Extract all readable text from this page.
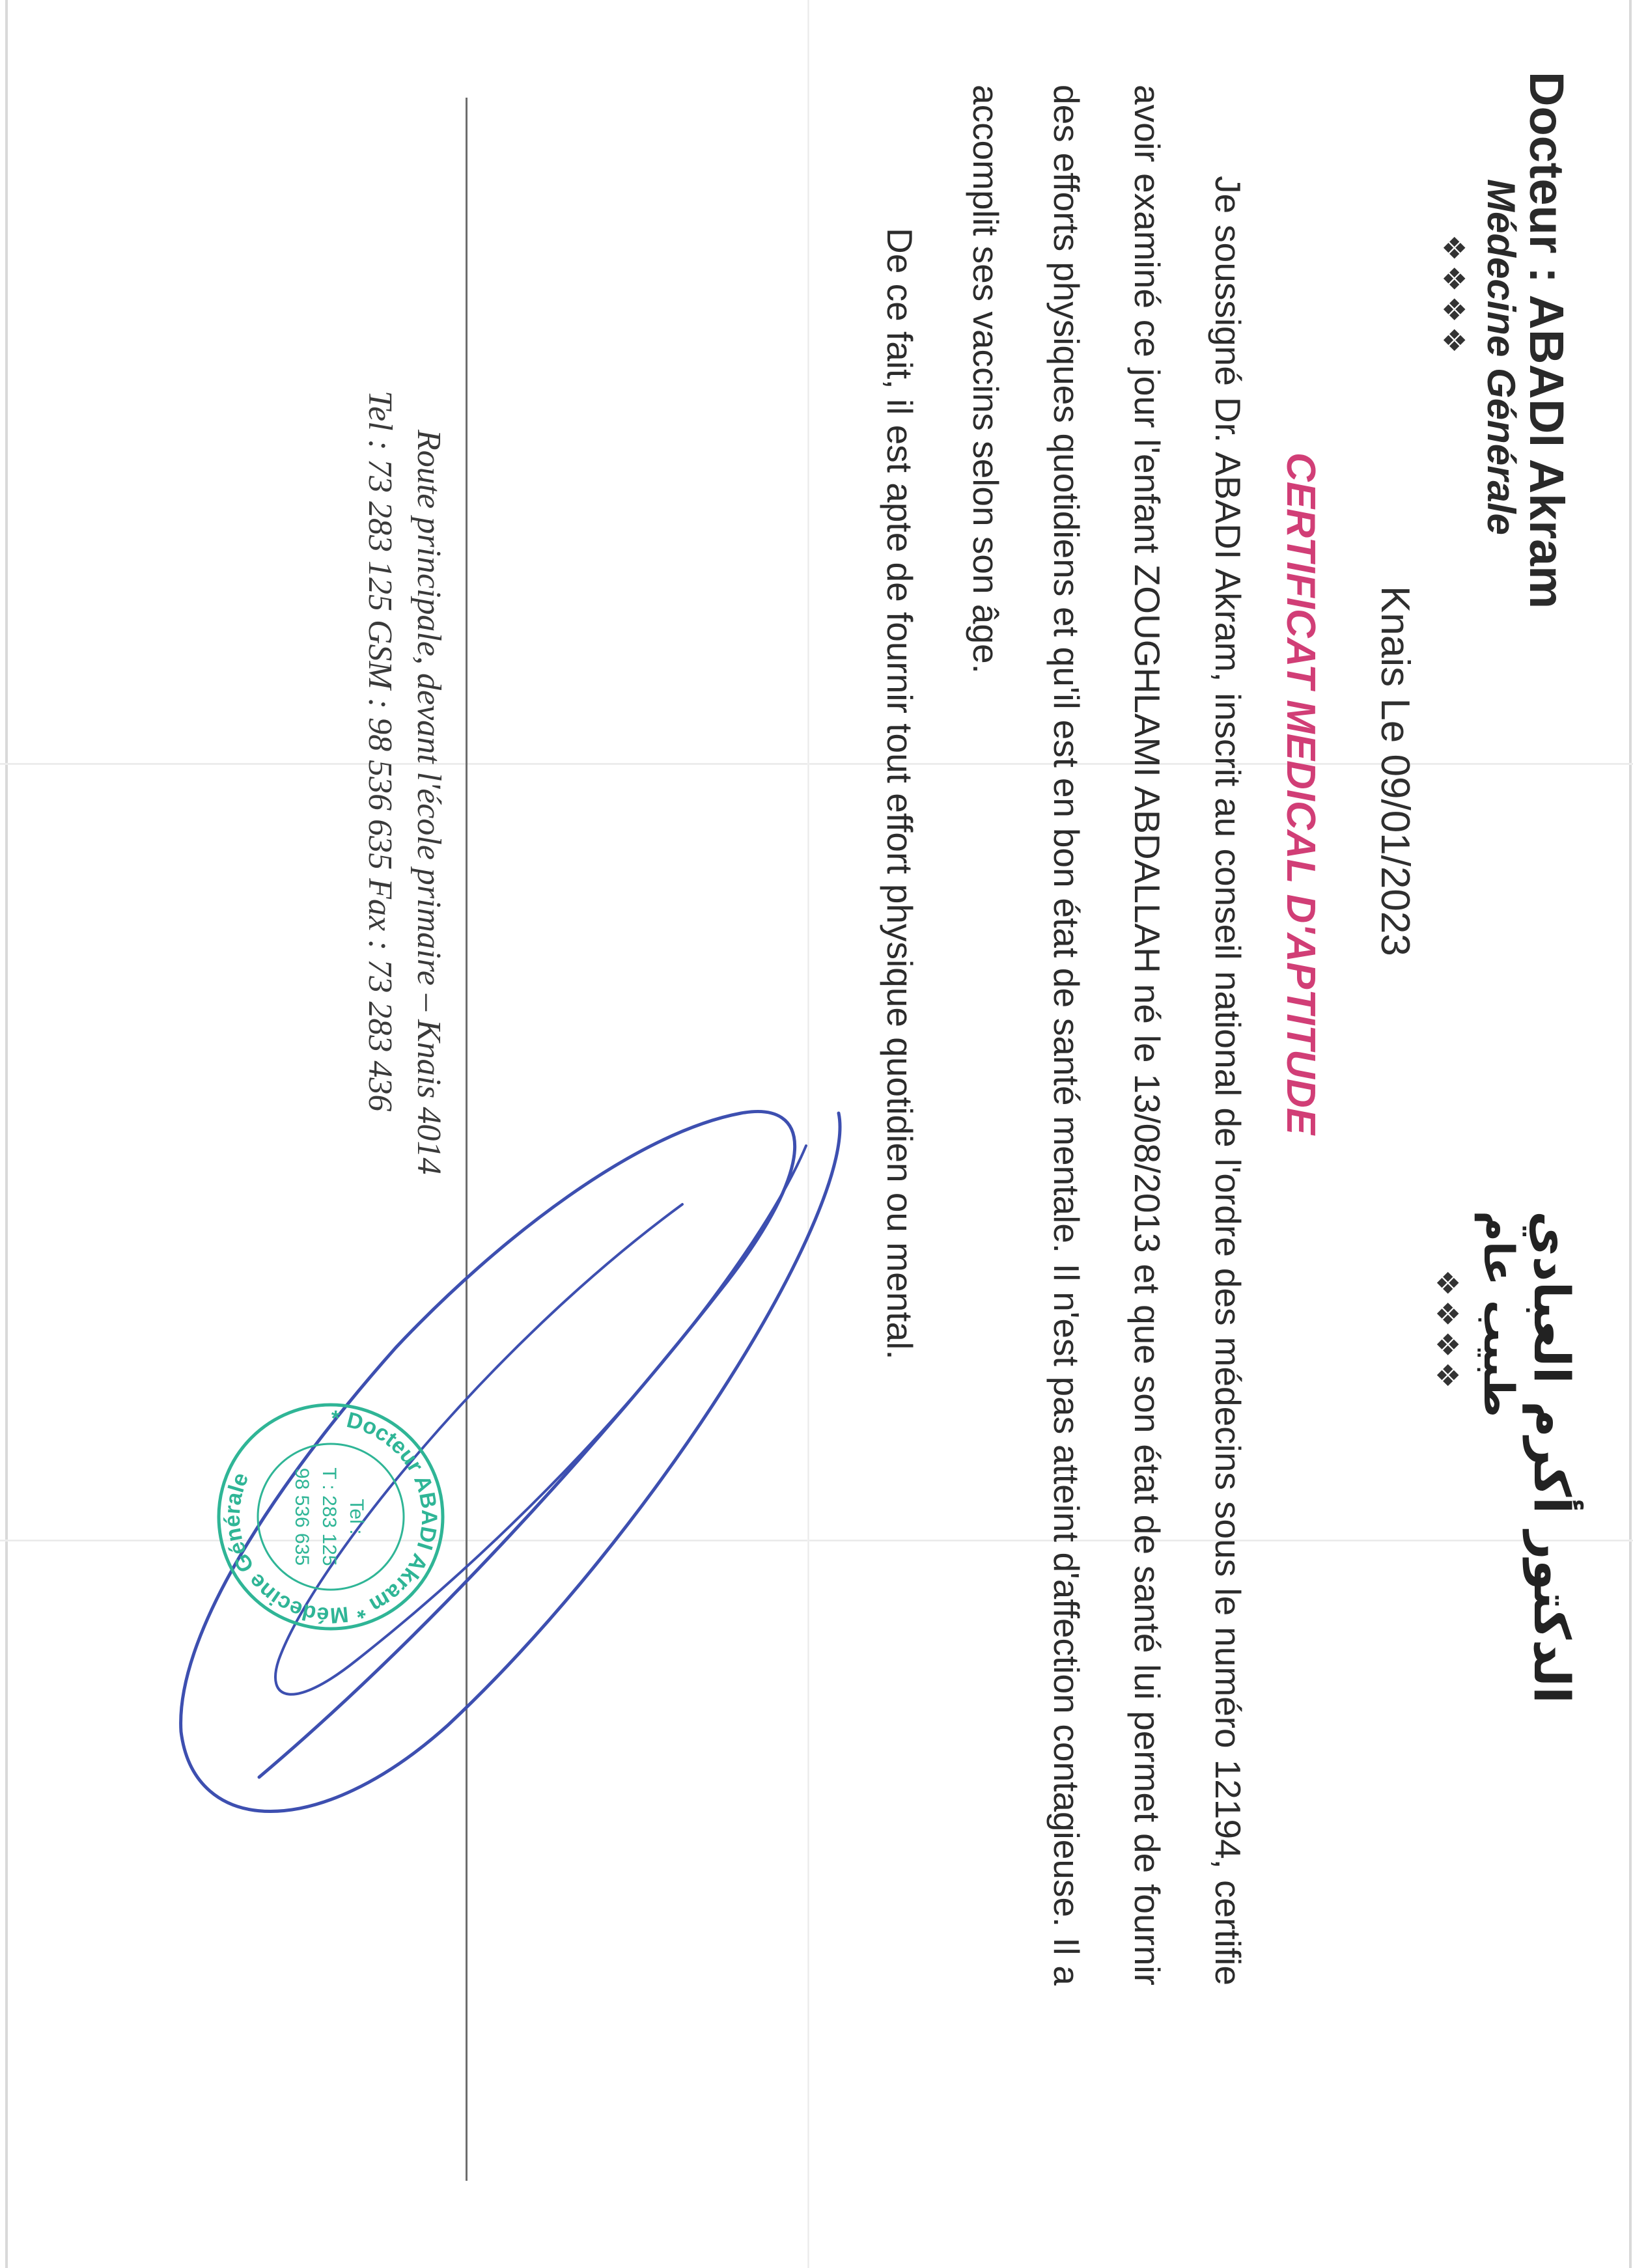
Docteur : ABADI Akram
Médecine Générale
❖❖❖❖
الدكتور أكرم العبادي
طبيب عام
❖❖❖❖
Knais Le 09/01/2023
CERTIFICAT MEDICAL D'APTITUDE

Je soussigné Dr. ABADI Akram, inscrit au conseil national de l'ordre des médecins sous le numéro 12194, certifie avoir examiné ce jour l'enfant ZOUGHLAMI ABDALLAH né le 13/08/2013 et que son état de santé lui permet de fournir des efforts physiques quotidiens et qu'il est en bon état de santé mentale. Il n'est pas atteint d'affection contagieuse. Il a accomplit ses vaccins selon son âge.

De ce fait, il est apte de fournir tout effort physique quotidien ou mental.

Route principale, devant l'école primaire – Knais 4014
Tel : 73 283 125 GSM : 98 536 635 Fax : 73 283 436
* Docteur ABADI Akram * Médecine Générale
Tel :
T : 283 125
98 536 635
